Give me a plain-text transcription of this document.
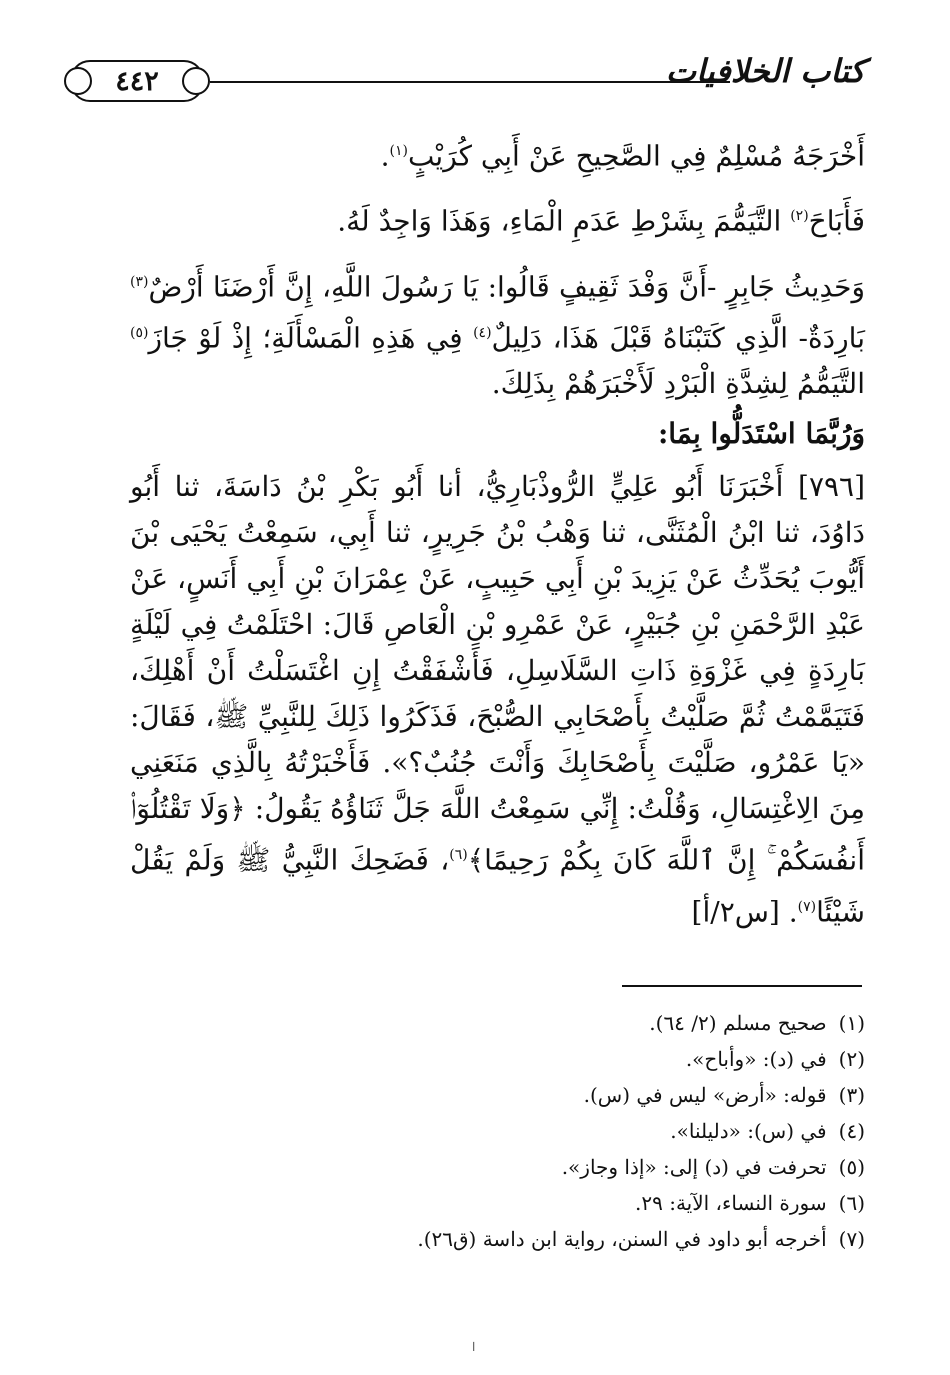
٤٤٢	كتاب الخلافيات

أَخْرَجَهُ مُسْلِمٌ فِي الصَّحِيحِ عَنْ أَبِي كُرَيْبٍ$^{(١)}$.

فَأَبَاحَ$^{(٢)}$ التَّيَمُّمَ بِشَرْطِ عَدَمِ الْمَاءِ، وَهَذَا وَاجِدٌ لَهُ.

وَحَدِيثُ جَابِرٍ -أَنَّ وَفْدَ ثَقِيفٍ قَالُوا: يَا رَسُولَ اللَّهِ، إِنَّ أَرْضَنَا أَرْضٌ$^{(٣)}$ بَارِدَةٌ- الَّذِي كَتَبْنَاهُ قَبْلَ هَذَا، دَلِيلٌ$^{(٤)}$ فِي هَذِهِ الْمَسْأَلَةِ؛ إِذْ لَوْ جَازَ$^{(٥)}$ التَّيَمُّمُ لِشِدَّةِ الْبَرْدِ لَأَخْبَرَهُمْ بِذَلِكَ.

وَرُبَّمَا اسْتَدَلُّوا بِمَا:

[٧٩٦] أَخْبَرَنَا أَبُو عَلِيٍّ الرُّوذْبَارِيُّ، أنا أَبُو بَكْرِ بْنُ دَاسَةَ، ثنا أَبُو دَاوُدَ، ثنا ابْنُ الْمُثَنَّى، ثنا وَهْبُ بْنُ جَرِيرٍ، ثنا أَبِي، سَمِعْتُ يَحْيَى بْنَ أَيُّوبَ يُحَدِّثُ عَنْ يَزِيدَ بْنِ أَبِي حَبِيبٍ، عَنْ عِمْرَانَ بْنِ أَبِي أَنَسٍ، عَنْ عَبْدِ الرَّحْمَنِ بْنِ جُبَيْرٍ، عَنْ عَمْرِو بْنِ الْعَاصِ قَالَ: احْتَلَمْتُ فِي لَيْلَةٍ بَارِدَةٍ فِي غَزْوَةِ ذَاتِ السَّلَاسِلِ، فَأَشْفَقْتُ إِنِ اغْتَسَلْتُ أَنْ أَهْلِكَ، فَتَيَمَّمْتُ ثُمَّ صَلَّيْتُ بِأَصْحَابِي الصُّبْحَ، فَذَكَرُوا ذَلِكَ لِلنَّبِيِّ ﷺ، فَقَالَ: «يَا عَمْرُو، صَلَّيْتَ بِأَصْحَابِكَ وَأَنْتَ جُنُبٌ؟». فَأَخْبَرْتُهُ بِالَّذِي مَنَعَنِي مِنَ الِاغْتِسَالِ، وَقُلْتُ: إِنِّي سَمِعْتُ اللَّهَ جَلَّ ثَنَاؤُهُ يَقُولُ: ﴿وَلَا تَقْتُلُوٓا۟ أَنفُسَكُمْ ۚ إِنَّ ٱللَّهَ كَانَ بِكُمْ رَحِيمًا﴾$^{(٦)}$، فَضَحِكَ النَّبِيُّ ﷺ وَلَمْ يَقُلْ شَيْئًا$^{(٧)}$. [س٢/أ]

(١)صحيح مسلم (٢/ ٦٤).
(٢)في (د): «وأباح».
(٣)قوله: «أرض» ليس في (س).
(٤)في (س): «دليلنا».
(٥)تحرفت في (د) إلى: «إذا وجاز».
(٦)سورة النساء، الآية: ٢٩.
(٧)أخرجه أبو داود في السنن، رواية ابن داسة (ق٢٦).
ا
